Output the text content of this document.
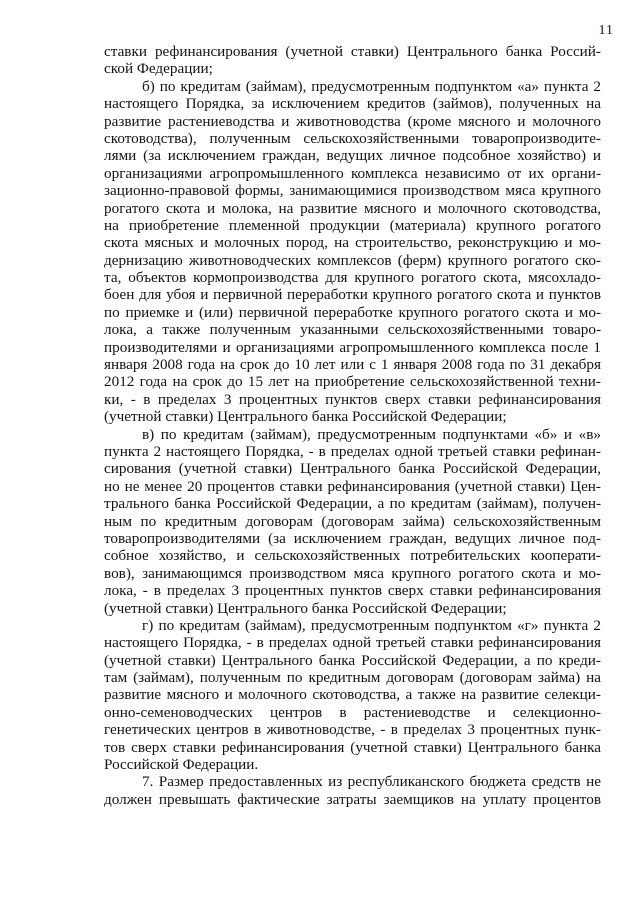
11
ставки рефинансирования (учетной ставки) Центрального банка Россий-
ской Федерации;
б) по кредитам (займам), предусмотренным подпунктом «а» пункта 2
настоящего Порядка, за исключением кредитов (займов), полученных на
развитие растениеводства и животноводства (кроме мясного и молочного
скотоводства), полученным сельскохозяйственными товаропроизводите-
лями (за исключением граждан, ведущих личное подсобное хозяйство) и
организациями агропромышленного комплекса независимо от их органи-
зационно-правовой формы, занимающимися производством мяса крупного
рогатого скота и молока, на развитие мясного и молочного скотоводства,
на приобретение племенной продукции (материала) крупного рогатого
скота мясных и молочных пород, на строительство, реконструкцию и мо-
дернизацию животноводческих комплексов (ферм) крупного рогатого ско-
та, объектов кормопроизводства для крупного рогатого скота, мясохладо-
боен для убоя и первичной переработки крупного рогатого скота и пунктов
по приемке и (или) первичной переработке крупного рогатого скота и мо-
лока, а также полученным указанными сельскохозяйственными товаро-
производителями и организациями агропромышленного комплекса после 1
января 2008 года на срок до 10 лет или с 1 января 2008 года по 31 декабря
2012 года на срок до 15 лет на приобретение сельскохозяйственной техни-
ки, - в пределах 3 процентных пунктов сверх ставки рефинансирования
(учетной ставки) Центрального банка Российской Федерации;
в) по кредитам (займам), предусмотренным подпунктами «б» и «в»
пункта 2 настоящего Порядка, - в пределах одной третьей ставки рефинан-
сирования (учетной ставки) Центрального банка Российской Федерации,
но не менее 20 процентов ставки рефинансирования (учетной ставки) Цен-
трального банка Российской Федерации, а по кредитам (займам), получен-
ным по кредитным договорам (договорам займа) сельскохозяйственным
товаропроизводителями (за исключением граждан, ведущих личное под-
собное хозяйство, и сельскохозяйственных потребительских кооперати-
вов), занимающимся производством мяса крупного рогатого скота и мо-
лока, - в пределах 3 процентных пунктов сверх ставки рефинансирования
(учетной ставки) Центрального банка Российской Федерации;
г) по кредитам (займам), предусмотренным подпунктом «г» пункта 2
настоящего Порядка, - в пределах одной третьей ставки рефинансирования
(учетной ставки) Центрального банка Российской Федерации, а по креди-
там (займам), полученным по кредитным договорам (договорам займа) на
развитие мясного и молочного скотоводства, а также на развитие селекци-
онно-семеноводческих центров в растениеводстве и селекционно-
генетических центров в животноводстве, - в пределах 3 процентных пунк-
тов сверх ставки рефинансирования (учетной ставки) Центрального банка
Российской Федерации.
7. Размер предоставленных из республиканского бюджета средств не
должен превышать фактические затраты заемщиков на уплату процентов
